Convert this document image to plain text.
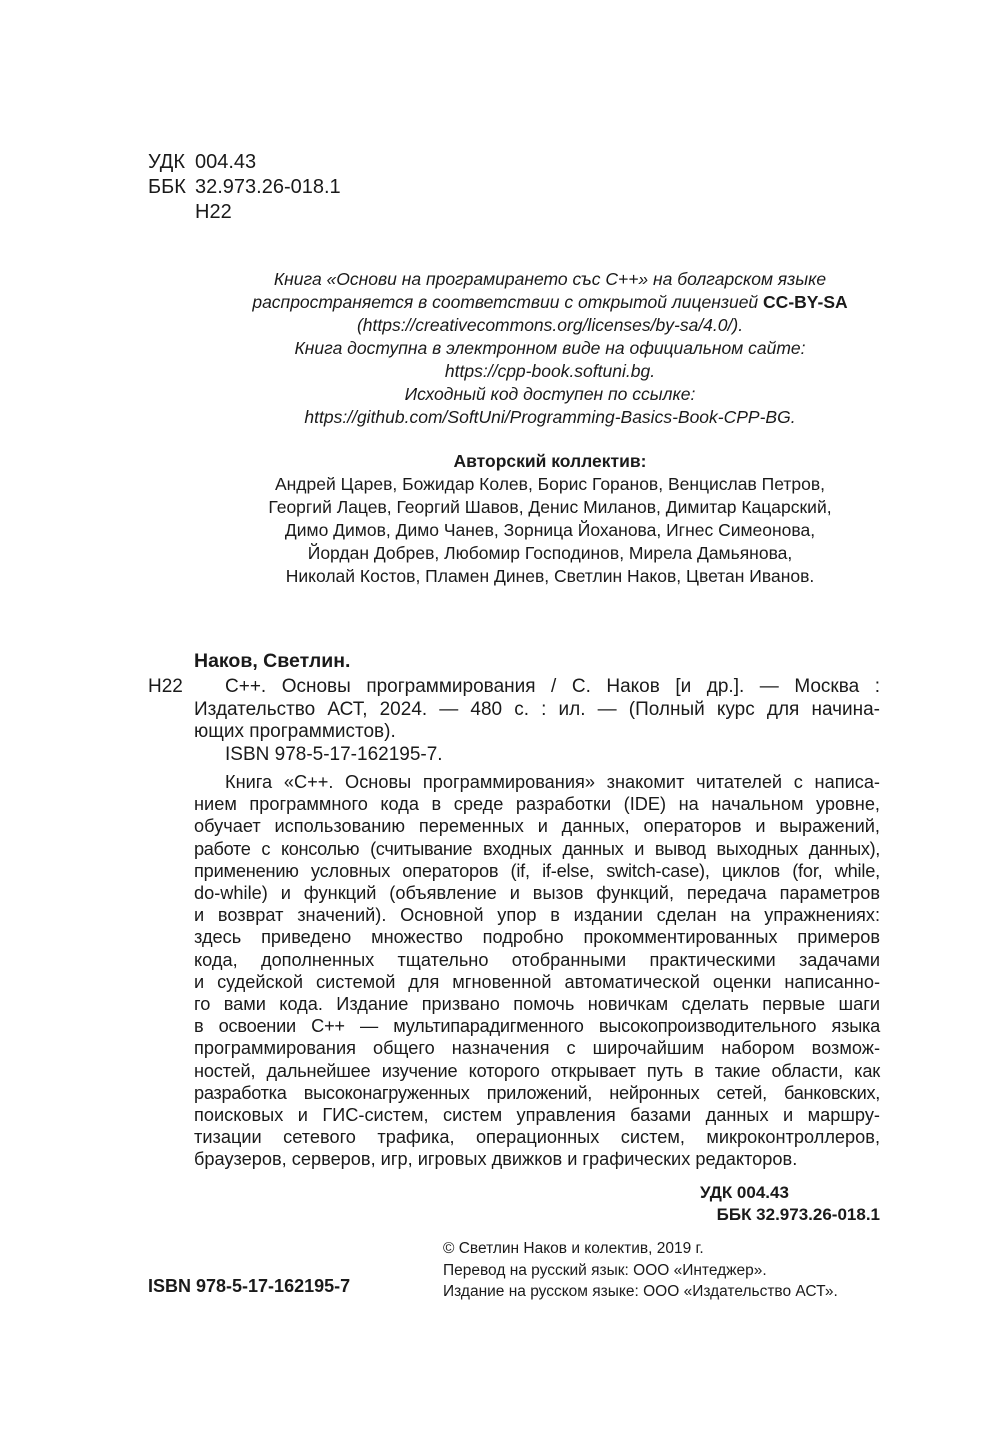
УДК 004.43
ББК 32.973.26-018.1
Н22
Книга «Основи на програмирането със C++» на болгарском языке
распространяется в соответствии с открытой лицензией CC-BY-SA
(https://creativecommons.org/licenses/by-sa/4.0/).
Книга доступна в электронном виде на официальном сайте:
https://cpp-book.softuni.bg.
Исходный код доступен по ссылке:
https://github.com/SoftUni/Programming-Basics-Book-CPP-BG.
Авторский коллектив:
Андрей Царев, Божидар Колев, Борис Горанов, Венцислав Петров,
Георгий Лацев, Георгий Шавов, Денис Миланов, Димитар Кацарский,
Димо Димов, Димо Чанев, Зорница Йоханова, Игнес Симеонова,
Йордан Добрев, Любомир Господинов, Мирела Дамьянова,
Николай Костов, Пламен Динев, Светлин Наков, Цветан Иванов.
Наков, Светлин.
Н22	С++. Основы программирования / С. Наков [и др.]. — Москва :
Издательство АСТ, 2024. — 480 с. : ил. — (Полный курс для начина-
ющих программистов).
ISBN 978-5-17-162195-7.
Книга «С++. Основы программирования» знакомит читателей с написа-
нием программного кода в среде разработки (IDE) на начальном уровне,
обучает использованию переменных и данных, операторов и выражений,
работе с консолью (считывание входных данных и вывод выходных данных),
применению условных операторов (if, if-else, switch-case), циклов (for, while,
do-while) и функций (объявление и вызов функций, передача параметров
и возврат значений). Основной упор в издании сделан на упражнениях:
здесь приведено множество подробно прокомментированных примеров
кода, дополненных тщательно отобранными практическими задачами
и судейской системой для мгновенной автоматической оценки написанно-
го вами кода. Издание призвано помочь новичкам сделать первые шаги
в освоении С++ — мультипарадигменного высокопроизводительного языка
программирования общего назначения с широчайшим набором возмож-
ностей, дальнейшее изучение которого открывает путь в такие области, как
разработка высоконагруженных приложений, нейронных сетей, банковских,
поисковых и ГИС-систем, систем управления базами данных и маршру-
тизации сетевого трафика, операционных систем, микроконтроллеров,
браузеров, серверов, игр, игровых движков и графических редакторов.
УДК 004.43
ББК 32.973.26-018.1
ISBN 978-5-17-162195-7
© Светлин Наков и колектив, 2019 г.
Перевод на русский язык: ООО «Интеджер».
Издание на русском языке: ООО «Издательство АСТ».
